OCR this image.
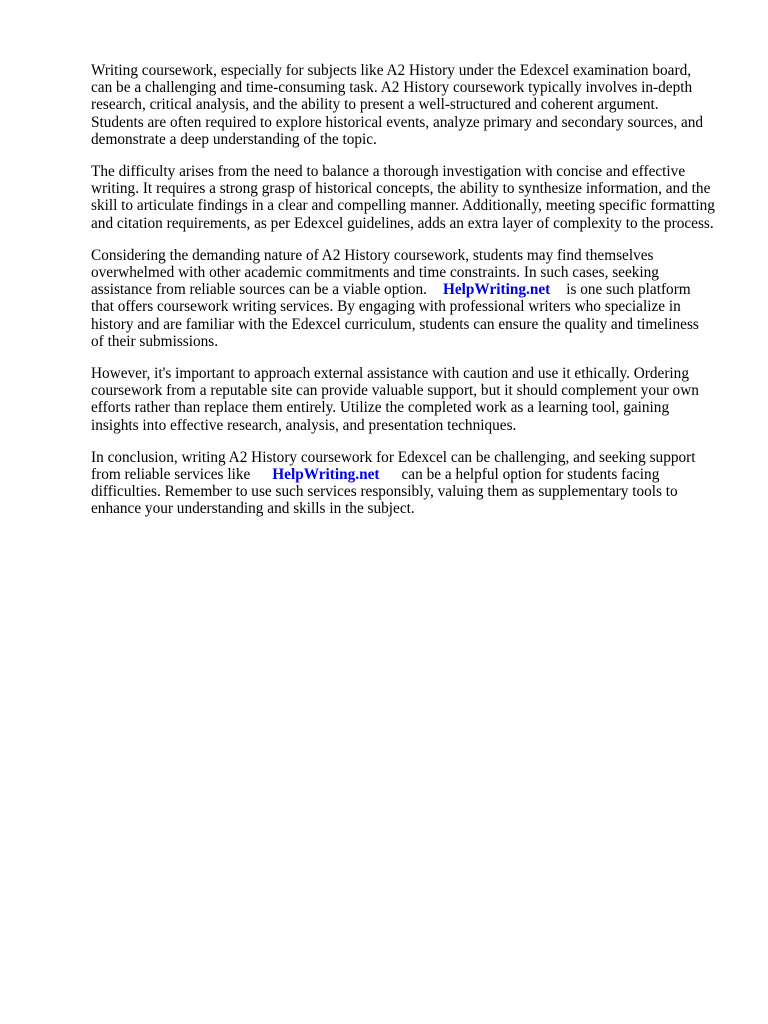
Writing coursework, especially for subjects like A2 History under the Edexcel examination board,
can be a challenging and time-consuming task. A2 History coursework typically involves in-depth
research, critical analysis, and the ability to present a well-structured and coherent argument.
Students are often required to explore historical events, analyze primary and secondary sources, and
demonstrate a deep understanding of the topic.

The difficulty arises from the need to balance a thorough investigation with concise and effective
writing. It requires a strong grasp of historical concepts, the ability to synthesize information, and the
skill to articulate findings in a clear and compelling manner. Additionally, meeting specific formatting
and citation requirements, as per Edexcel guidelines, adds an extra layer of complexity to the process.

Considering the demanding nature of A2 History coursework, students may find themselves
overwhelmed with other academic commitments and time constraints. In such cases, seeking
assistance from reliable sources can be a viable option. HelpWriting.net is one such platform
that offers coursework writing services. By engaging with professional writers who specialize in
history and are familiar with the Edexcel curriculum, students can ensure the quality and timeliness
of their submissions.

However, it's important to approach external assistance with caution and use it ethically. Ordering
coursework from a reputable site can provide valuable support, but it should complement your own
efforts rather than replace them entirely. Utilize the completed work as a learning tool, gaining
insights into effective research, analysis, and presentation techniques.

In conclusion, writing A2 History coursework for Edexcel can be challenging, and seeking support
from reliable services like HelpWriting.net can be a helpful option for students facing
difficulties. Remember to use such services responsibly, valuing them as supplementary tools to
enhance your understanding and skills in the subject.
